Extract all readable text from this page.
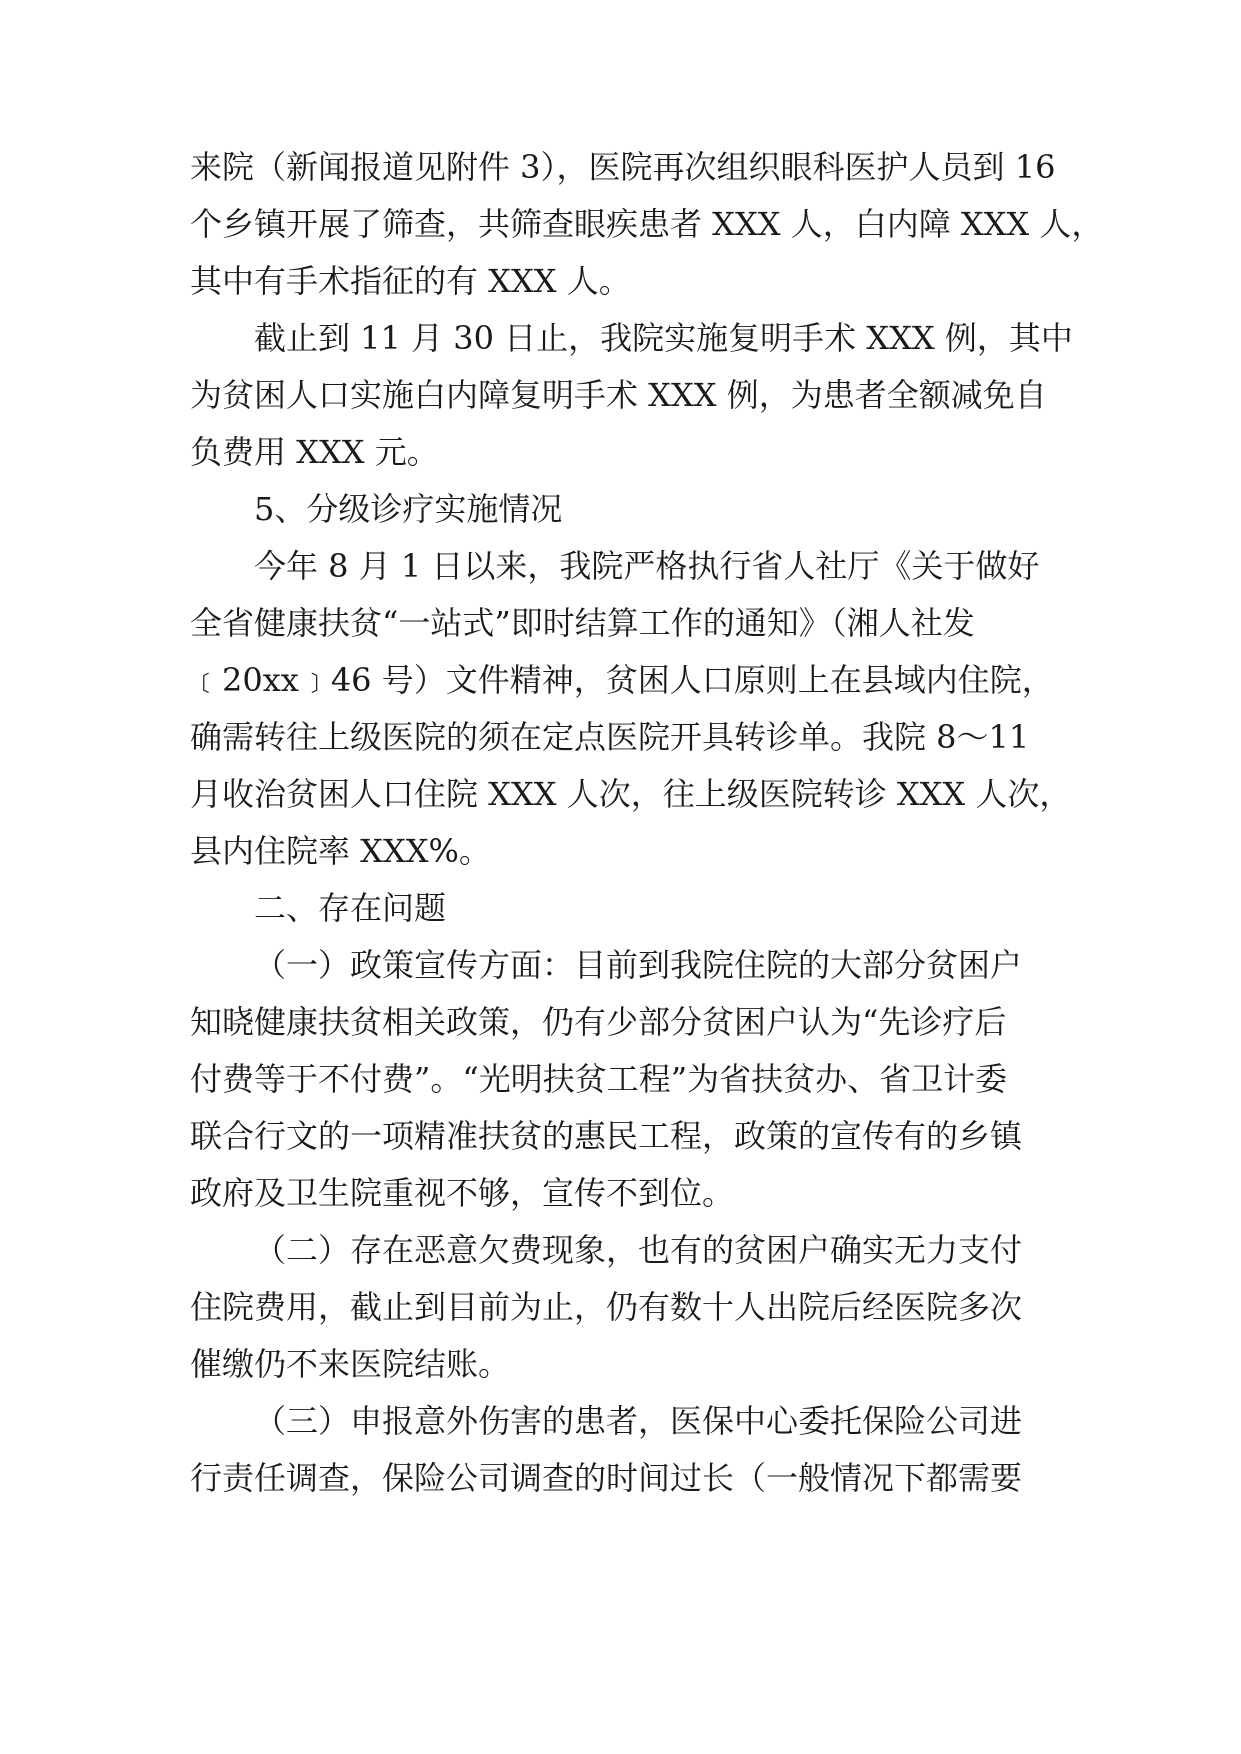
来院（新闻报道见附件 3），医院再次组织眼科医护人员到 16
个乡镇开展了筛查，共筛查眼疾患者 XXX 人，白内障 XXX 人，
其中有手术指征的有 XXX 人。
截止到 11 月 30 日止，我院实施复明手术 XXX 例，其中
为贫困人口实施白内障复明手术 XXX 例，为患者全额减免自
负费用 XXX 元。
5、分级诊疗实施情况
今年 8 月 1 日以来，我院严格执行省人社厅《关于做好
全省健康扶贫“一站式”即时结算工作的通知》（湘人社发
﹝20xx﹞46 号）文件精神，贫困人口原则上在县域内住院，
确需转往上级医院的须在定点医院开具转诊单。我院 8～11
月收治贫困人口住院 XXX 人次，往上级医院转诊 XXX 人次，
县内住院率 XXX%。
二、存在问题
（一）政策宣传方面：目前到我院住院的大部分贫困户
知晓健康扶贫相关政策，仍有少部分贫困户认为“先诊疗后
付费等于不付费”。“光明扶贫工程”为省扶贫办、省卫计委
联合行文的一项精准扶贫的惠民工程，政策的宣传有的乡镇
政府及卫生院重视不够，宣传不到位。
（二）存在恶意欠费现象，也有的贫困户确实无力支付
住院费用，截止到目前为止，仍有数十人出院后经医院多次
催缴仍不来医院结账。
（三）申报意外伤害的患者，医保中心委托保险公司进
行责任调查，保险公司调查的时间过长（一般情况下都需要
